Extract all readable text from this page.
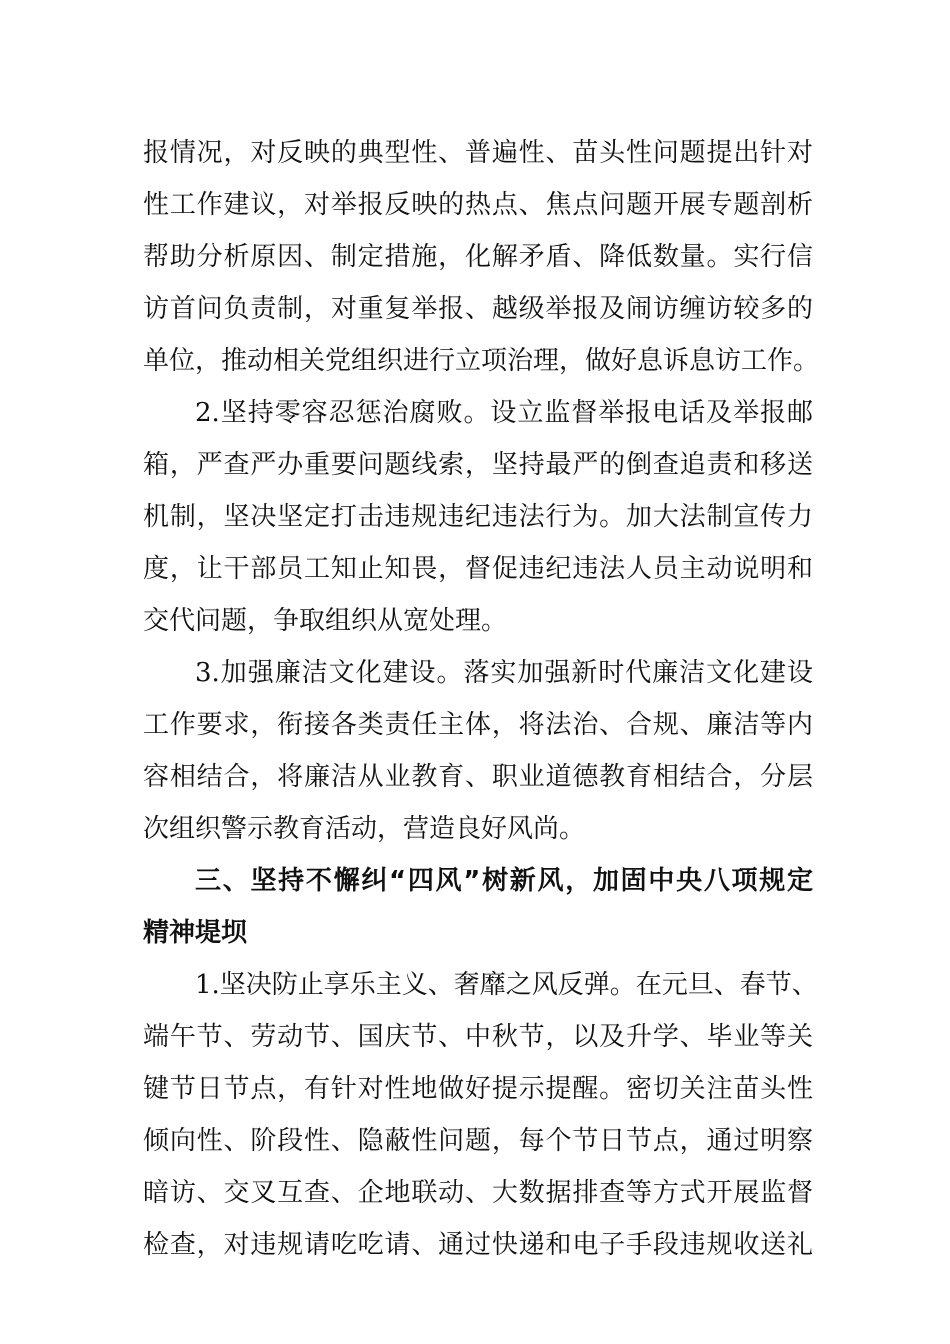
报情况，对反映的典型性、普遍性、苗头性问题提出针对
性工作建议，对举报反映的热点、焦点问题开展专题剖析
帮助分析原因、制定措施，化解矛盾、降低数量。实行信
访首问负责制，对重复举报、越级举报及闹访缠访较多的
单位，推动相关党组织进行立项治理，做好息诉息访工作。
2.坚持零容忍惩治腐败。设立监督举报电话及举报邮
箱，严查严办重要问题线索，坚持最严的倒查追责和移送
机制，坚决坚定打击违规违纪违法行为。加大法制宣传力
度，让干部员工知止知畏，督促违纪违法人员主动说明和
交代问题，争取组织从宽处理。
3.加强廉洁文化建设。落实加强新时代廉洁文化建设
工作要求，衔接各类责任主体，将法治、合规、廉洁等内
容相结合，将廉洁从业教育、职业道德教育相结合，分层
次组织警示教育活动，营造良好风尚。
三、坚持不懈纠“四风”树新风，加固中央八项规定
精神堤坝
1.坚决防止享乐主义、奢靡之风反弹。在元旦、春节、
端午节、劳动节、国庆节、中秋节，以及升学、毕业等关
键节日节点，有针对性地做好提示提醒。密切关注苗头性
倾向性、阶段性、隐蔽性问题，每个节日节点，通过明察
暗访、交叉互查、企地联动、大数据排查等方式开展监督
检查，对违规请吃吃请、通过快递和电子手段违规收送礼
